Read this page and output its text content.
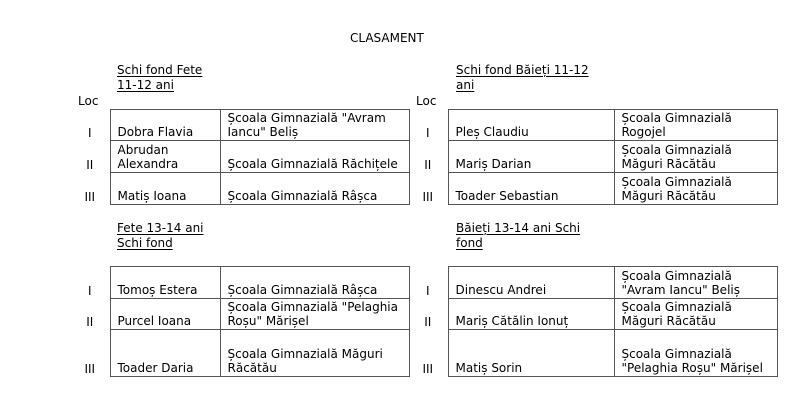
CLASAMENT
Schi fond Fete
11-12 ani
Loc
I	Dobra Flavia	Școala Gimnazială "Avram Iancu" Beliș
II	Abrudan Alexandra	Școala Gimnazială Răchițele
III	Matiș Ioana	Școala Gimnazială Râșca
Schi fond Băieți 11-12
ani
Loc
I	Pleș Claudiu	Școala Gimnazială Rogojel
II	Mariș Darian	Școala Gimnazială Măguri Răcătău
III	Toader Sebastian	Școala Gimnazială Măguri Răcătău
Fete 13-14 ani
Schi fond
I	Tomoș Estera	Școala Gimnazială Râșca
II	Purcel Ioana	Școala Gimnazială "Pelaghia Roșu" Mărișel
III	Toader Daria	Școala Gimnazială Măguri Răcătău
Băieți 13-14 ani Schi
fond
I	Dinescu Andrei	Școala Gimnazială "Avram Iancu" Beliș
II	Mariș Cătălin Ionuț	Școala Gimnazială Măguri Răcătău
III	Matiș Sorin	Școala Gimnazială "Pelaghia Roșu" Mărișel
